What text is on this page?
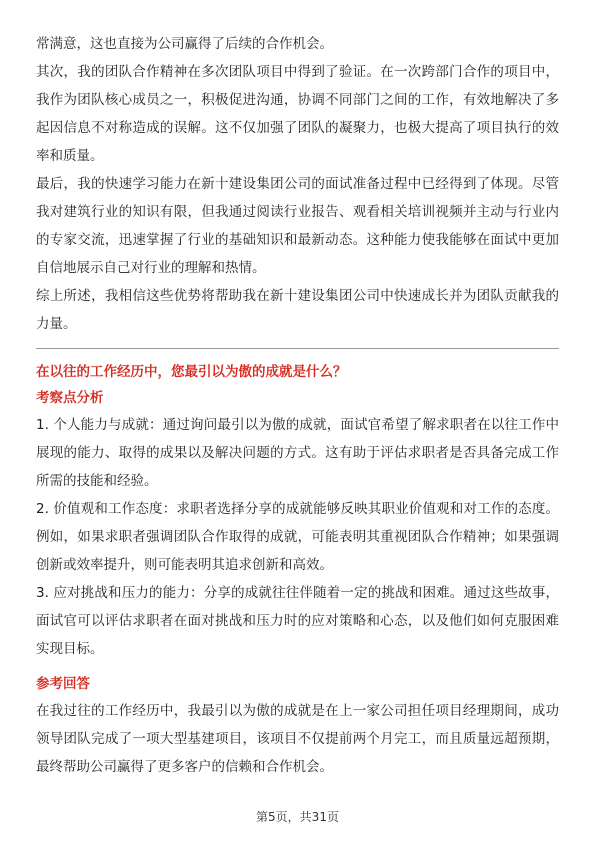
常满意，这也直接为公司赢得了后续的合作机会。

其次，我的团队合作精神在多次团队项目中得到了验证。在一次跨部门合作的项目中，我作为团队核心成员之一，积极促进沟通，协调不同部门之间的工作，有效地解决了多起因信息不对称造成的误解。这不仅加强了团队的凝聚力，也极大提高了项目执行的效率和质量。

最后，我的快速学习能力在新十建设集团公司的面试准备过程中已经得到了体现。尽管我对建筑行业的知识有限，但我通过阅读行业报告、观看相关培训视频并主动与行业内的专家交流，迅速掌握了行业的基础知识和最新动态。这种能力使我能够在面试中更加自信地展示自己对行业的理解和热情。

综上所述，我相信这些优势将帮助我在新十建设集团公司中快速成长并为团队贡献我的力量。

在以往的工作经历中，您最引以为傲的成就是什么？

考察点分析

1. 个人能力与成就：通过询问最引以为傲的成就，面试官希望了解求职者在以往工作中展现的能力、取得的成果以及解决问题的方式。这有助于评估求职者是否具备完成工作所需的技能和经验。

2. 价值观和工作态度：求职者选择分享的成就能够反映其职业价值观和对工作的态度。例如，如果求职者强调团队合作取得的成就，可能表明其重视团队合作精神；如果强调创新或效率提升，则可能表明其追求创新和高效。

3. 应对挑战和压力的能力：分享的成就往往伴随着一定的挑战和困难。通过这些故事，面试官可以评估求职者在面对挑战和压力时的应对策略和心态，以及他们如何克服困难实现目标。

参考回答

在我过往的工作经历中，我最引以为傲的成就是在上一家公司担任项目经理期间，成功领导团队完成了一项大型基建项目，该项目不仅提前两个月完工，而且质量远超预期，最终帮助公司赢得了更多客户的信赖和合作机会。

第5页，共31页
